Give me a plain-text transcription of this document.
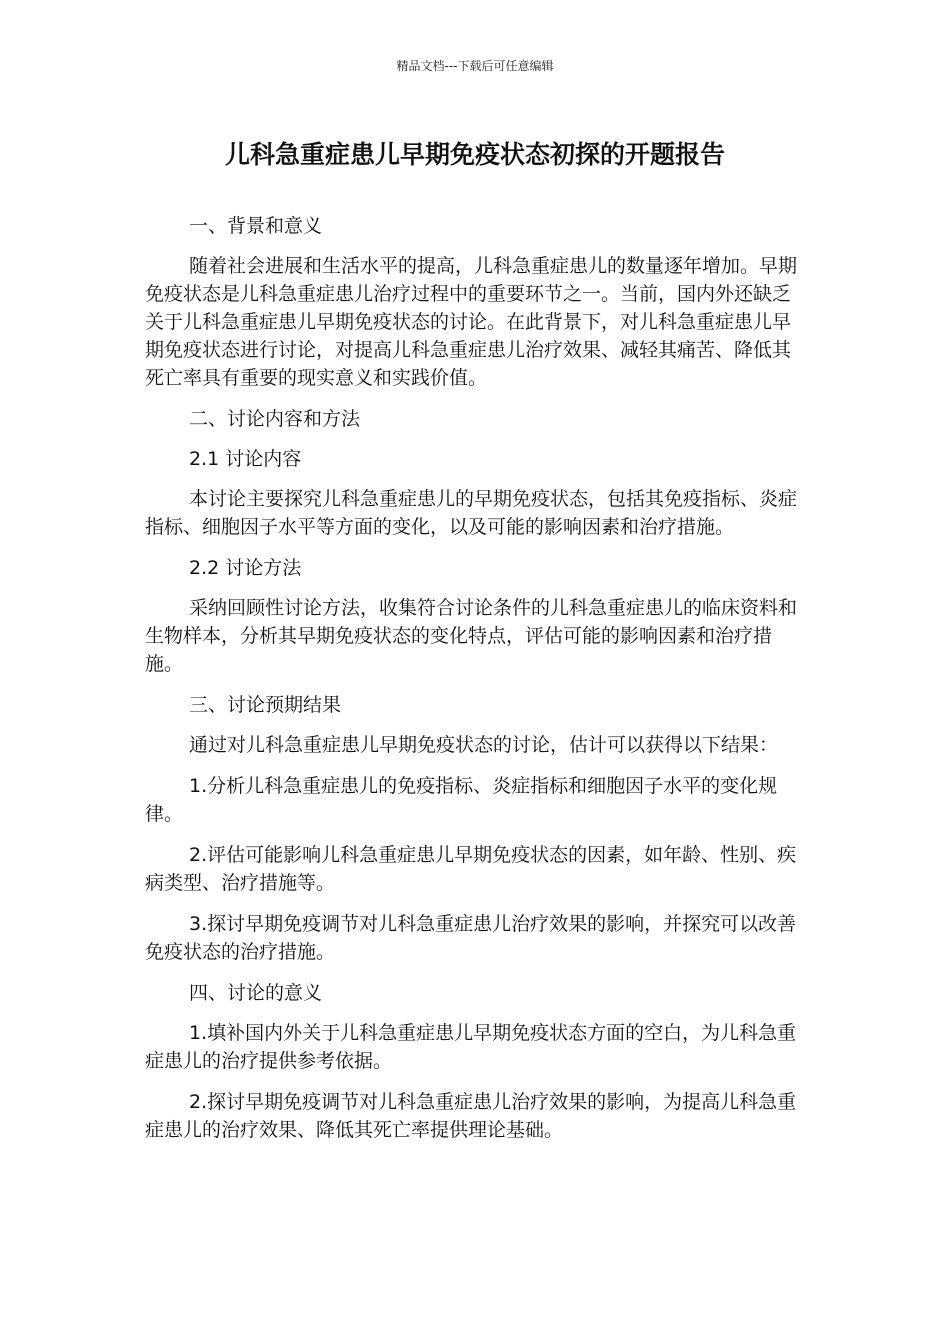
精品文档---下载后可任意编辑
儿科急重症患儿早期免疫状态初探的开题报告

一、背景和意义

随着社会进展和生活水平的提高，儿科急重症患儿的数量逐年增加。早期免疫状态是儿科急重症患儿治疗过程中的重要环节之一。当前，国内外还缺乏关于儿科急重症患儿早期免疫状态的讨论。在此背景下，对儿科急重症患儿早期免疫状态进行讨论，对提高儿科急重症患儿治疗效果、减轻其痛苦、降低其死亡率具有重要的现实意义和实践价值。

二、讨论内容和方法

2.1 讨论内容

本讨论主要探究儿科急重症患儿的早期免疫状态，包括其免疫指标、炎症指标、细胞因子水平等方面的变化，以及可能的影响因素和治疗措施。

2.2 讨论方法

采纳回顾性讨论方法，收集符合讨论条件的儿科急重症患儿的临床资料和生物样本，分析其早期免疫状态的变化特点，评估可能的影响因素和治疗措施。

三、讨论预期结果

通过对儿科急重症患儿早期免疫状态的讨论，估计可以获得以下结果：

1.分析儿科急重症患儿的免疫指标、炎症指标和细胞因子水平的变化规律。

2.评估可能影响儿科急重症患儿早期免疫状态的因素，如年龄、性别、疾病类型、治疗措施等。

3.探讨早期免疫调节对儿科急重症患儿治疗效果的影响，并探究可以改善免疫状态的治疗措施。

四、讨论的意义

1.填补国内外关于儿科急重症患儿早期免疫状态方面的空白，为儿科急重症患儿的治疗提供参考依据。

2.探讨早期免疫调节对儿科急重症患儿治疗效果的影响，为提高儿科急重症患儿的治疗效果、降低其死亡率提供理论基础。
